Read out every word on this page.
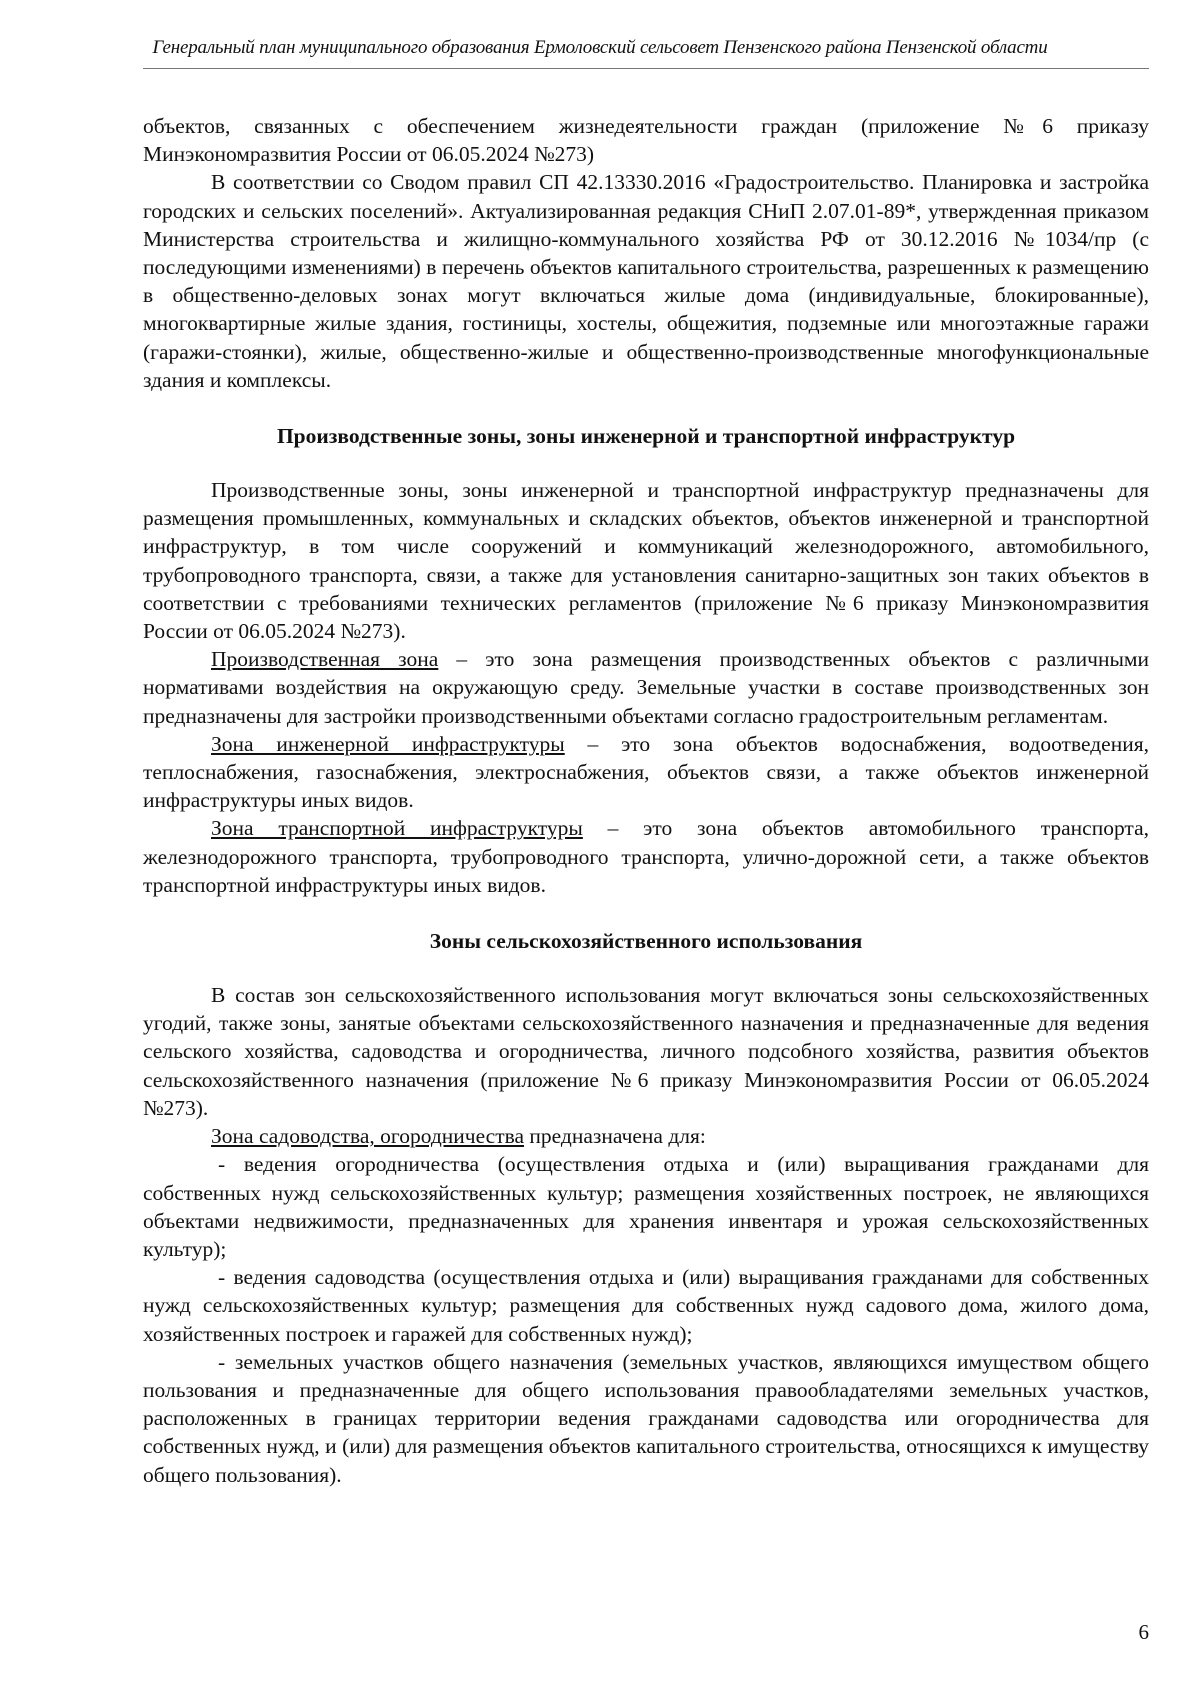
Генеральный план муниципального образования Ермоловский сельсовет Пензенского района Пензенской области

объектов, связанных с обеспечением жизнедеятельности граждан (приложение №6 приказу Минэкономразвития России от 06.05.2024 №273)

В соответствии со Сводом правил СП 42.13330.2016 «Градостроительство. Планировка и застройка городских и сельских поселений». Актуализированная редакция СНиП 2.07.01-89*, утвержденная приказом Министерства строительства и жилищно-коммунального хозяйства РФ от 30.12.2016 №1034/пр (с последующими изменениями) в перечень объектов капитального строительства, разрешенных к размещению в общественно-деловых зонах могут включаться жилые дома (индивидуальные, блокированные), многоквартирные жилые здания, гостиницы, хостелы, общежития, подземные или многоэтажные гаражи (гаражи-стоянки), жилые, общественно-жилые и общественно-производственные многофункциональные здания и комплексы.

Производственные зоны, зоны инженерной и транспортной инфраструктур

Производственные зоны, зоны инженерной и транспортной инфраструктур предназначены для размещения промышленных, коммунальных и складских объектов, объектов инженерной и транспортной инфраструктур, в том числе сооружений и коммуникаций железнодорожного, автомобильного, трубопроводного транспорта, связи, а также для установления санитарно-защитных зон таких объектов в соответствии с требованиями технических регламентов (приложение №6 приказу Минэкономразвития России от 06.05.2024 №273).

Производственная зона – это зона размещения производственных объектов с различными нормативами воздействия на окружающую среду. Земельные участки в составе производственных зон предназначены для застройки производственными объектами согласно градостроительным регламентам.

Зона инженерной инфраструктуры – это зона объектов водоснабжения, водоотведения, теплоснабжения, газоснабжения, электроснабжения, объектов связи, а также объектов инженерной инфраструктуры иных видов.

Зона транспортной инфраструктуры – это зона объектов автомобильного транспорта, железнодорожного транспорта, трубопроводного транспорта, улично-дорожной сети, а также объектов транспортной инфраструктуры иных видов.

Зоны сельскохозяйственного использования

В состав зон сельскохозяйственного использования могут включаться зоны сельскохозяйственных угодий, также зоны, занятые объектами сельскохозяйственного назначения и предназначенные для ведения сельского хозяйства, садоводства и огородничества, личного подсобного хозяйства, развития объектов сельскохозяйственного назначения (приложение №6 приказу Минэкономразвития России от 06.05.2024 №273).

Зона садоводства, огородничества предназначена для:

- ведения огородничества (осуществления отдыха и (или) выращивания гражданами для собственных нужд сельскохозяйственных культур; размещения хозяйственных построек, не являющихся объектами недвижимости, предназначенных для хранения инвентаря и урожая сельскохозяйственных культур);

- ведения садоводства (осуществления отдыха и (или) выращивания гражданами для собственных нужд сельскохозяйственных культур; размещения для собственных нужд садового дома, жилого дома, хозяйственных построек и гаражей для собственных нужд);

- земельных участков общего назначения (земельных участков, являющихся имуществом общего пользования и предназначенные для общего использования правообладателями земельных участков, расположенных в границах территории ведения гражданами садоводства или огородничества для собственных нужд, и (или) для размещения объектов капитального строительства, относящихся к имуществу общего пользования).

6
